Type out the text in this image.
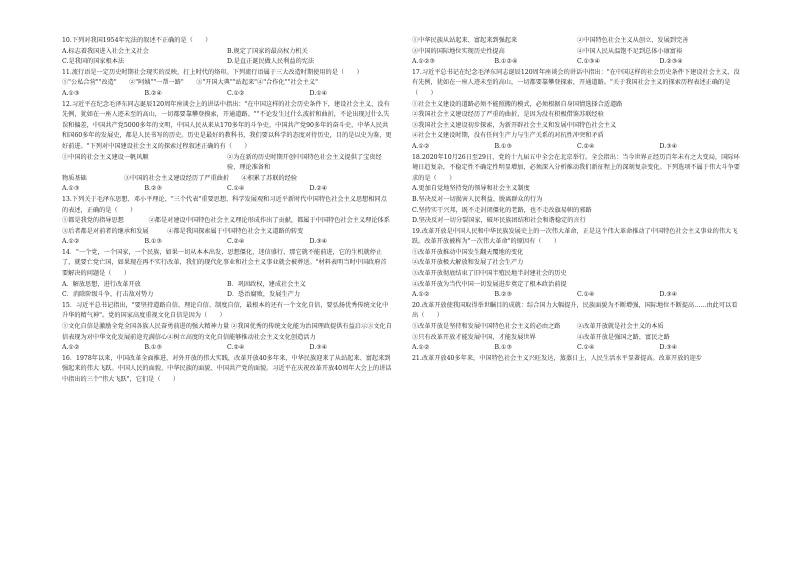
10.下列对我国1954年宪法的叙述不正确的是（　　）

A.标志着我国进入社会主义社会	B.规定了国家的最高权力机关
C.是我国的国家根本法	D.是直正诞民做人民利益的宪法

11.流行语是一定历史时期社会现实的反映，打上时代的烙印。下列流行语属于三大改造时期使用的是（　　）

①"公私合营""改造"　　②"阿姨""一帮一路"　　③"开国大典""站起来"④"合作化""社会主义"

A.①③	B.②④	C.①②	D.①④

12.习近平在纪念毛泽东同志诞辰120周年座谈会上的讲话中指出："在中国这样的社会历史条件下，建设社会主义，没有先例，犹如在一座人迹未至的高山，一切都要靠攀登摸索，开通道路。""不论发生过什么波折和曲折，不论出现过什么失误和偏差，中国共产党5000多年的文明，中国人民从来从170多年的斗争史，中国共产党90多年的奋斗史，中华人民共和国60多年的发展史，都是人民书写的历史。历史是最好的教科书，我们要以科学的态度对待历史，目的是以史为鉴，更好前进。"下列对中国建设社会主义的探索过程叙述正确的有（　　）

①中国的社会主义建设一帆风顺	②为在新的历史时期开创中国特色社会主义提供了宝贵经验、理论准备和

物质基础　　　　　　③中国的社会主义建设经历了严重曲折　　④积累了苏联的经验

A.①③	B.②③	C.①④	D.②④

13.下列关于毛泽东思想、邓小平理论、"三个代表"重要思想、科学发展观和习近平新时代中国特色社会主义思想相同点的表述，正确的是（　　）

①都是我党的指导思想　　　　②都是对建设中国特色社会主义理论形成作出了贡献，都属于中国特色社会主义理论体系　　③后者都是对前者的继承和发展　　　④都是我国探索属于中国特色社会主义道路的转变

A.①②	B.①③	C.②④	D.③④

14．"一个党，一个国家，一个民族，如果一切从本本出发，思想僵化，迷信盛行，那它就不能前进，它的生机就停止了，就要亡党亡国，如果现在再不实行改革，我们的现代化事业和社会主义事业就会被葬送。"材料表明当时中国政府首要解决的问题是（　　）

A．解放思想，进行改革开放	B．巩固政权，建成社会主义
C．消除阶级斗争，打击敌对势力	D．恐治腐败，发展生产力

15．习近平总书记指出，"要坚持道路自信、理论自信、制度自信，最根本的还有一个文化自信，要弘扬优秀传统文化中升华的精气神"。党的国家高度重视文化自信是因为（　　）

①文化自信是激励全党全国各族人民奋勇前进的强大精神力量 ②我国优秀的传统文化能为治国理政提供有益启示③文化自信表现为对中华文化发展前途充满信心④树立高度的文化自信能够推动社会主义文化创造活力

A.①②	B.①③	C.②④	D.③④

16．1978年以来，中国改革全面推进，对外开放的伟大实践，改革开放40多年来，中华民族迎来了从站起来、富起来到强起来的伟大飞跃。中国人民的面貌、中华民族的面貌、中国共产党的面貌。习近平在庆祝改革开放40周年大会上的讲话中指出的三个"伟大飞跃"，它们是（　　）

①中华民族从站起来、富起来到强起来	②中国特色社会主义从创立、发展到完善
③中国的国际地位实现历史性提高	④中国人民从温饱不足到总体小康富裕
A.①②③	B.①②④	C.①③④	D.②③④

17.习近平总书记在纪念毛泽东同志诞辰120周年座谈会的讲话中指出："在中国这样的社会历史条件下建设社会主义，没有先例，犹如在一座人迹未至的高山，一切都要靠攀登探索，开通道路。"关于我国社会主义的探索历程表述正确的是（　　）

①社会主义建设的道路必须不能照搬的模式，必须根据自身国情选择合适道路

②我国社会主义建设经历了严重的曲折，是因为没有积极借鉴苏联经验

③我国社会主义建设初步探索，为新开辟社会主义和发展中国特色社会主义

④社会主义建设时期，没有任何生产力与生产关系的对抗性冲突和矛盾

A.①②	B.①③	C.②④	D.③④

18.2020年10月26日至29日，党的十九届五中全会在北京举行。全会指出：当今世界正经历百年未有之大变局，国际环境日趋复杂，不稳定性不确定性明显增加，必须深入分析推动我们新征程上的深刻复杂变化。下列选项不属于伟大斗争要求的是（　　）

A.更加自觉地坚持党的领导和社会主义制度

B.坚决反对一切损害人民利益、脱离群众的行为

C.坚持实干兴邦，既不走封闭僵化的老路，也不走改旗易帜的邪路

D.坚决反对一切分裂国家，破坏民族团结和社会和谐稳定的言行

19.改革开放是中国人民和中华民族发展史上的一次伟大革命，正是这个伟大革命推动了中国特色社会主义事业的伟大飞跃。改革开放被称为"一次伟大革命"的原因有（　　）

①改革开放推动中国发生翻天覆地的变化

②改革开放极大解放和发展了社会生产力

③改革开放彻底结束了旧中国半殖民地半封建社会的历史

④改革开放为当代中国一切发展进步奠定了根本政治前提

A.①②	B.②③	C.①④	D.③④

20.改革开放使我国取得举世瞩目的成就：综合国力大幅提升，民族面貌为不断增强，国际地位不断提高……由此可以看出（　　）

①改革开放是坚持和发展中国特色社会主义的必由之路	②改革开放就是社会主义的本质
③只有改革开放才能发展中国，才能发展世界	④改革开放是强国之路，富民之路
A.①②	B.①③	C.①④	D.③④

21.改革开放40多年来，中国特色社会主义兴旺发达，蒸蒸日上，人民生活水平显著提高。改革开放的迎步
